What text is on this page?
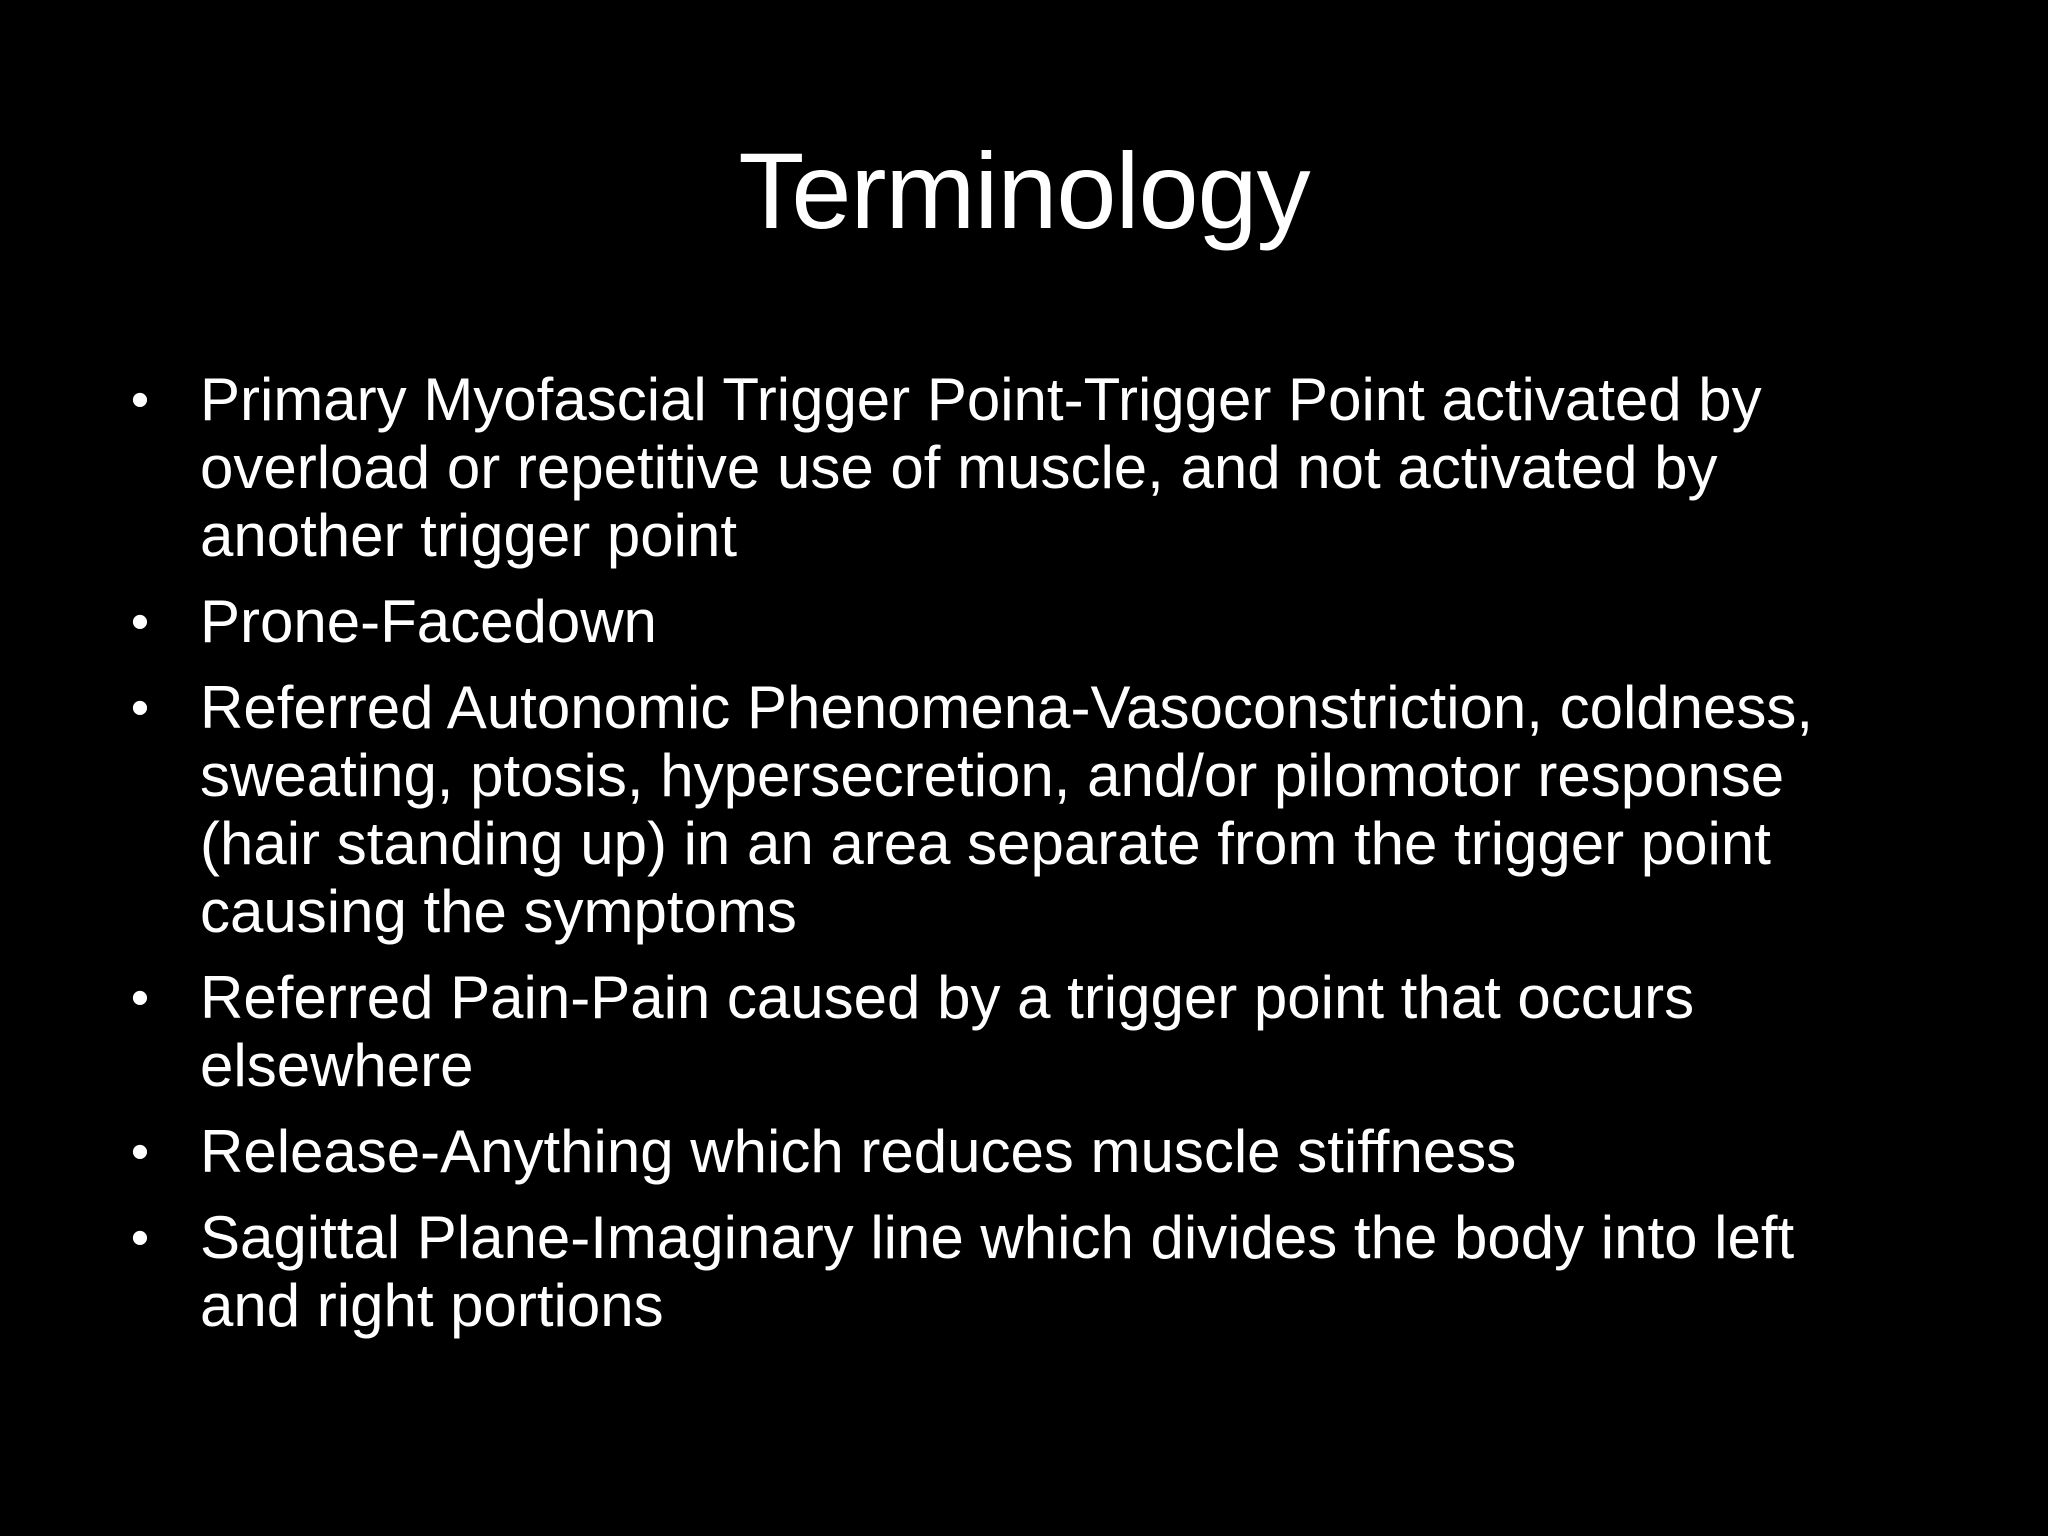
Terminology
• Primary Myofascial Trigger Point-Trigger Point activated by overload or repetitive use of muscle, and not activated by another trigger point
• Prone-Facedown
• Referred Autonomic Phenomena-Vasoconstriction, coldness, sweating, ptosis, hypersecretion, and/or pilomotor response (hair standing up) in an area separate from the trigger point causing the symptoms
• Referred Pain-Pain caused by a trigger point that occurs elsewhere
• Release-Anything which reduces muscle stiffness
• Sagittal Plane-Imaginary line which divides the body into left and right portions
